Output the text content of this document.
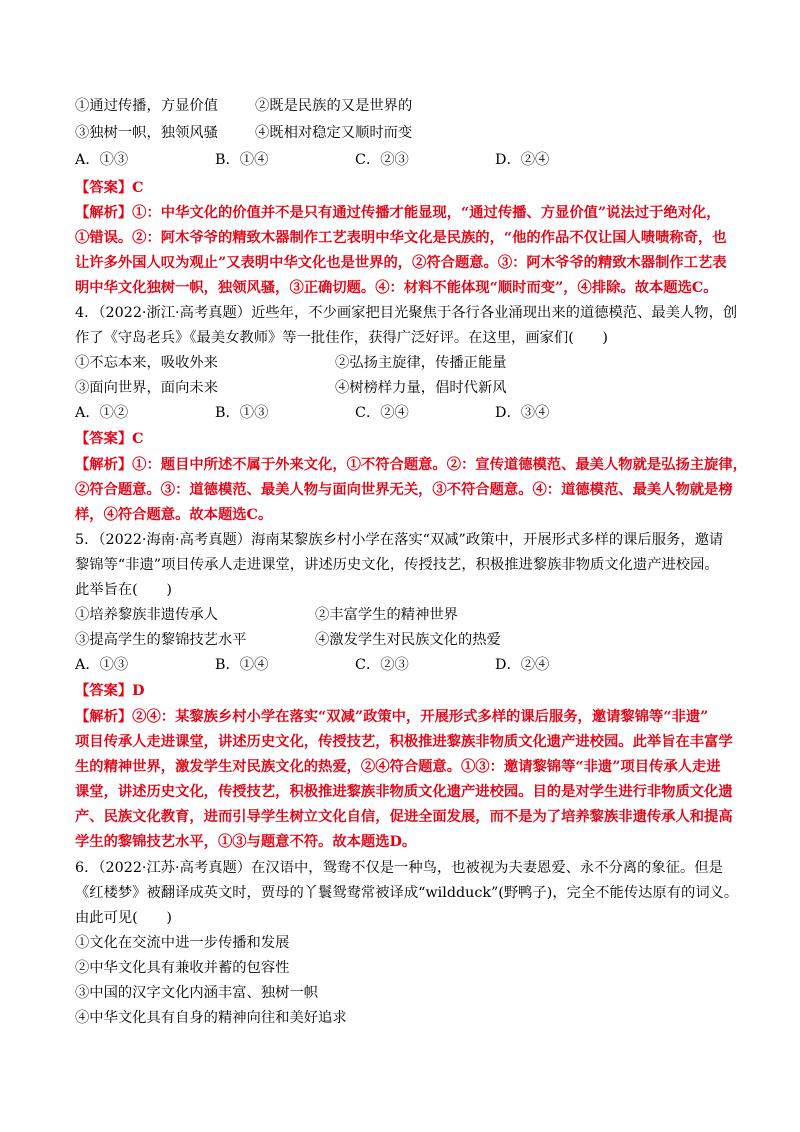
①通过传播，方显价值	②既是民族的又是世界的
③独树一帜，独领风骚	④既相对稳定又顺时而变
A．①③	B．①④	C．②③	D．②④
【答案】C
【解析】①：中华文化的价值并不是只有通过传播才能显现，“通过传播、方显价值”说法过于绝对化，
①错误。②：阿木爷爷的精致木器制作工艺表明中华文化是民族的，“他的作品不仅让国人啧啧称奇，也
让许多外国人叹为观止”又表明中华文化也是世界的，②符合题意。③：阿木爷爷的精致木器制作工艺表
明中华文化独树一帜，独领风骚，③正确切题。④：材料不能体现“顺时而变”，④排除。故本题选C。
4．（2022·浙江·高考真题）近些年，不少画家把目光聚焦于各行各业涌现出来的道德模范、最美人物，创
作了《守岛老兵》《最美女教师》等一批佳作，获得广泛好评。在这里，画家们(　　)
①不忘本来，吸收外来	②弘扬主旋律，传播正能量
③面向世界，面向未来	④树榜样力量，倡时代新风
A．①②	B．①③	C．②④	D．③④
【答案】C
【解析】①：题目中所述不属于外来文化，①不符合题意。②：宣传道德模范、最美人物就是弘扬主旋律，
②符合题意。③：道德模范、最美人物与面向世界无关，③不符合题意。④：道德模范、最美人物就是榜
样，④符合题意。故本题选C。
5．（2022·海南·高考真题）海南某黎族乡村小学在落实“双减”政策中，开展形式多样的课后服务，邀请
黎锦等“非遗”项目传承人走进课堂，讲述历史文化，传授技艺，积极推进黎族非物质文化遗产进校园。
此举旨在(　　)
①培养黎族非遗传承人	②丰富学生的精神世界
③提高学生的黎锦技艺水平	④激发学生对民族文化的热爱
A．①③	B．①④	C．②③	D．②④
【答案】D
【解析】②④：某黎族乡村小学在落实“双减”政策中，开展形式多样的课后服务，邀请黎锦等“非遗”
项目传承人走进课堂，讲述历史文化，传授技艺，积极推进黎族非物质文化遗产进校园。此举旨在丰富学
生的精神世界，激发学生对民族文化的热爱，②④符合题意。①③：邀请黎锦等“非遗”项目传承人走进
课堂，讲述历史文化，传授技艺，积极推进黎族非物质文化遗产进校园。目的是对学生进行非物质文化遗
产、民族文化教育，进而引导学生树立文化自信，促进全面发展，而不是为了培养黎族非遗传承人和提高
学生的黎锦技艺水平，①③与题意不符。故本题选D。
6．（2022·江苏·高考真题）在汉语中，鸳鸯不仅是一种鸟，也被视为夫妻恩爱、永不分离的象征。但是
《红楼梦》被翻译成英文时，贾母的丫鬟鸳鸯常被译成“wildduck”(野鸭子)，完全不能传达原有的词义。
由此可见(　　)
①文化在交流中进一步传播和发展
②中华文化具有兼收并蓄的包容性
③中国的汉字文化内涵丰富、独树一帜
④中华文化具有自身的精神向往和美好追求
